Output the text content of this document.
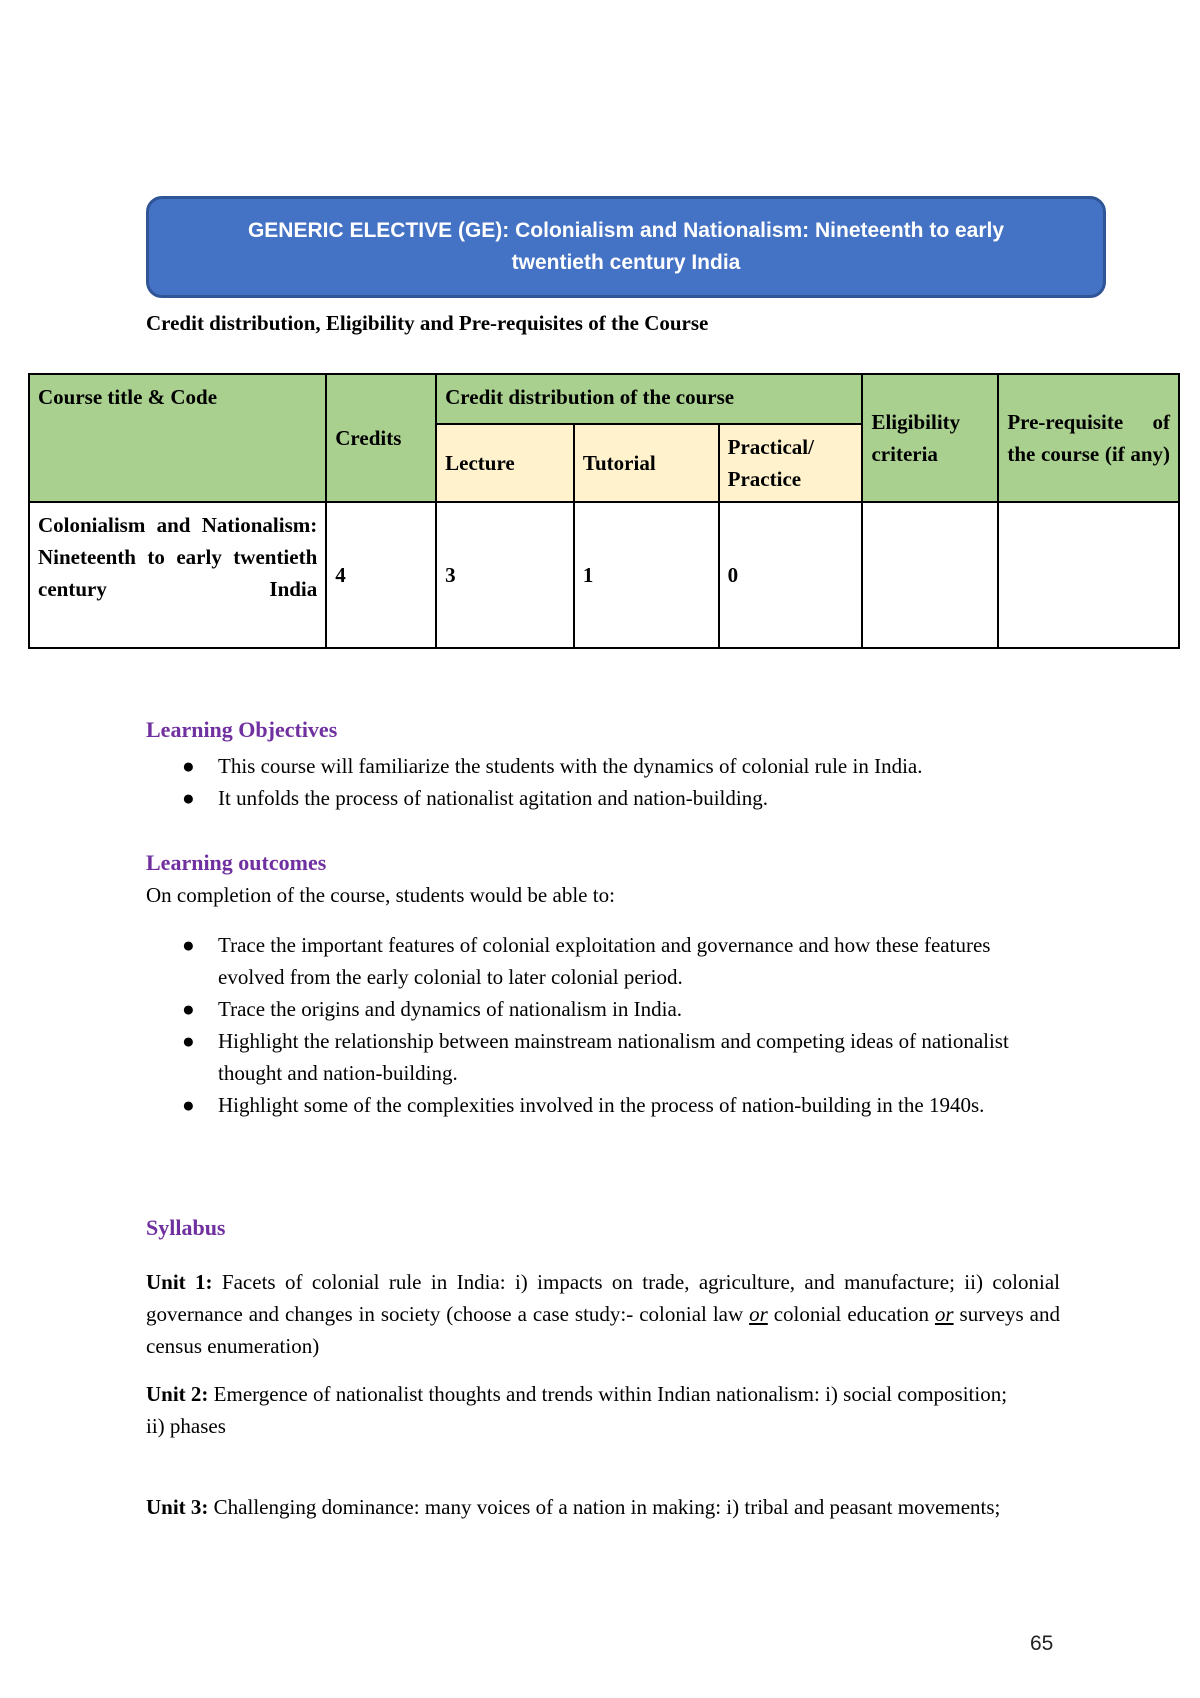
GENERIC ELECTIVE (GE): Colonialism and Nationalism: Nineteenth to early
twentieth century India
Credit distribution, Eligibility and Pre-requisites of the Course
Course title & Code	Credits	Credit distribution of the course			Eligibility criteria	Pre-requisite of the course (if any)

		Lecture	Tutorial	Practical/ Practice		

Colonialism and Nationalism: Nineteenth to early twentieth century India	4	3	1	0		
Learning Objectives
● This course will familiarize the students with the dynamics of colonial rule in India.
● It unfolds the process of nationalist agitation and nation-building.
Learning outcomes
On completion of the course, students would be able to:
● Trace the important features of colonial exploitation and governance and how these features evolved from the early colonial to later colonial period.
● Trace the origins and dynamics of nationalism in India.
● Highlight the relationship between mainstream nationalism and competing ideas of nationalist thought and nation-building.
● Highlight some of the complexities involved in the process of nation-building in the 1940s.
Syllabus
Unit 1: Facets of colonial rule in India: i) impacts on trade, agriculture, and manufacture; ii) colonial governance and changes in society (choose a case study:- colonial law or colonial education or surveys and census enumeration)
Unit 2: Emergence of nationalist thoughts and trends within Indian nationalism: i) social composition;
ii) phases
Unit 3: Challenging dominance: many voices of a nation in making: i) tribal and peasant movements;
65
